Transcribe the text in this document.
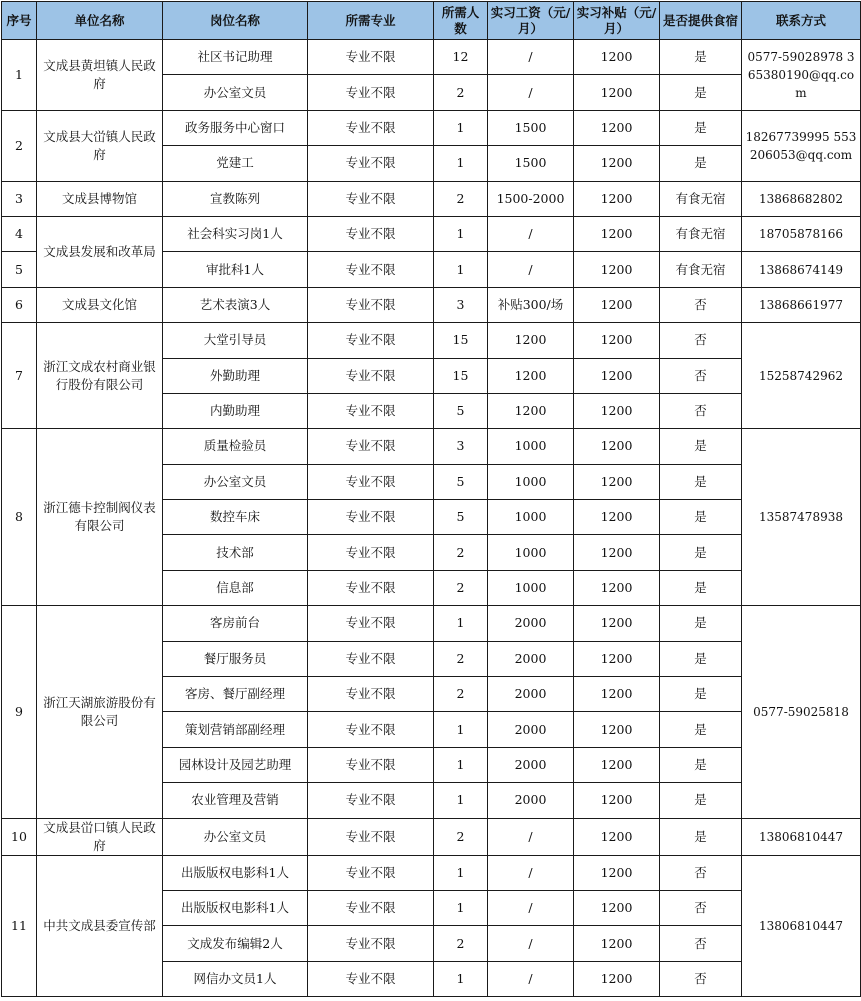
序号	单位名称	岗位名称	所需专业	所需人数	实习工资（元/月）	实习补贴（元/月）	是否提供食宿	联系方式
1	文成县黄坦镇人民政府	社区书记助理	专业不限	12	/	1200	是	0577-59028978 365380190@qq.com
		办公室文员	专业不限	2	/	1200	是	
2	文成县大峃镇人民政府	政务服务中心窗口	专业不限	1	1500	1200	是	18267739995 553206053@qq.com
		党建工	专业不限	1	1500	1200	是	
3	文成县博物馆	宣教陈列	专业不限	2	1500-2000	1200	有食无宿	13868682802
4	文成县发展和改革局	社会科实习岗1人	专业不限	1	/	1200	有食无宿	18705878166
5		审批科1人	专业不限	1	/	1200	有食无宿	13868674149
6	文成县文化馆	艺术表演3人	专业不限	3	补贴300/场	1200	否	13868661977
7	浙江文成农村商业银行股份有限公司	大堂引导员	专业不限	15	1200	1200	否	15258742962
		外勤助理	专业不限	15	1200	1200	否	
		内勤助理	专业不限	5	1200	1200	否	
8	浙江德卡控制阀仪表有限公司	质量检验员	专业不限	3	1000	1200	是	13587478938
		办公室文员	专业不限	5	1000	1200	是	
		数控车床	专业不限	5	1000	1200	是	
		技术部	专业不限	2	1000	1200	是	
		信息部	专业不限	2	1000	1200	是	
9	浙江天湖旅游股份有限公司	客房前台	专业不限	1	2000	1200	是	0577-59025818
		餐厅服务员	专业不限	2	2000	1200	是	
		客房、餐厅副经理	专业不限	2	2000	1200	是	
		策划营销部副经理	专业不限	1	2000	1200	是	
		园林设计及园艺助理	专业不限	1	2000	1200	是	
		农业管理及营销	专业不限	1	2000	1200	是	
10	文成县峃口镇人民政府	办公室文员	专业不限	2	/	1200	是	13806810447
11	中共文成县委宣传部	出版版权电影科1人	专业不限	1	/	1200	否	13806810447
		出版版权电影科1人	专业不限	1	/	1200	否	
		文成发布编辑2人	专业不限	2	/	1200	否	
		网信办文员1人	专业不限	1	/	1200	否	
